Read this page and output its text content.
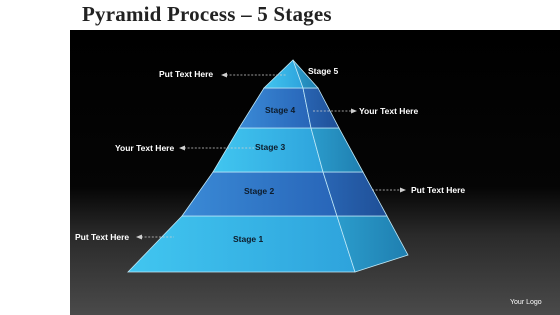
Pyramid Process – 5 Stages
Stage 1
Stage 2
Stage 3
Stage 4
Stage 5
Put Text Here
Your Text Here
Your Text Here
Put Text Here
Put Text Here
Your Logo
